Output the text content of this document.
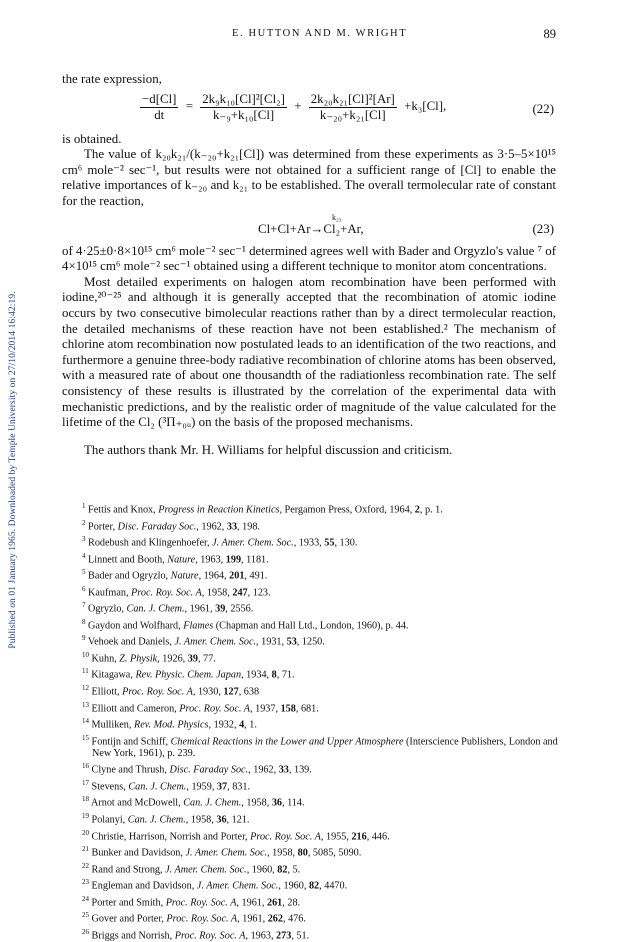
Published on 01 January 1965. Downloaded by Temple University on 27/10/2014 16:42:19.
E. HUTTON AND M. WRIGHT	89

the rate expression,

$\frac{-d[Cl]}{dt} = \frac{\text{2k₉k₁₀[Cl]²[Cl₂]}}{\text{k₋₉+k₁₀[Cl]}} + \frac{\text{2k₂₀k₂₁[Cl]²[Ar]}}{\text{k₋₂₀+k₂₁[Cl]}} +k_3[Cl]$,	(22)

is obtained.

The value of k₂₀k₂₁/(k₋₂₀+k₂₁[Cl]) was determined from these experiments as 3·5–5×10¹⁵ cm⁶ mole⁻² sec⁻¹, but results were not obtained for a sufficient range of [Cl] to enable the relative importances of k₋₂₀ and k₂₁ to be established. The overall termolecular rate of constant for the reaction,

k₂₃
Cl+Cl+Ar→Cl₂+Ar,	(23)

of 4·25±0·8×10¹⁵ cm⁶ mole⁻² sec⁻¹ determined agrees well with Bader and Orgyzlo's value ⁷ of 4×10¹⁵ cm⁶ mole⁻² sec⁻¹ obtained using a different technique to monitor atom concentrations.

Most detailed experiments on halogen atom recombination have been performed with iodine,²⁰⁻²⁵ and although it is generally accepted that the recombination of atomic iodine occurs by two consecutive bimolecular reactions rather than by a direct termolecular reaction, the detailed mechanisms of these reaction have not been established.² The mechanism of chlorine atom recombination now postulated leads to an identification of the two reactions, and furthermore a genuine three-body radiative recombination of chlorine atoms has been observed, with a measured rate of about one thousandth of the radiationless recombination rate. The self consistency of these results is illustrated by the correlation of the experimental data with mechanistic predictions, and by the realistic order of magnitude of the value calculated for the lifetime of the Cl₂ (³Π₊₀ᵤ) on the basis of the proposed mechanisms.

The authors thank Mr. H. Williams for helpful discussion and criticism.

$^1$ Fettis and Knox, Progress in Reaction Kinetics, Pergamon Press, Oxford, 1964, 2, p. 1.

$^2$ Porter, Disc. Faraday Soc., 1962, 33, 198.

$^3$ Rodebush and Klingenhoefer, J. Amer. Chem. Soc., 1933, 55, 130.

$^4$ Linnett and Booth, Nature, 1963, 199, 1181.

$^5$ Bader and Ogryzlo, Nature, 1964, 201, 491.

$^6$ Kaufman, Proc. Roy. Soc. A, 1958, 247, 123.

$^7$ Ogryzlo, Can. J. Chem., 1961, 39, 2556.

$^8$ Gaydon and Wolfhard, Flames (Chapman and Hall Ltd., London, 1960), p. 44.

$^9$ Vehoek and Daniels, J. Amer. Chem. Soc., 1931, 53, 1250.

$^{10}$ Kuhn, Z. Physik, 1926, 39, 77.

$^{11}$ Kitagawa, Rev. Physic. Chem. Japan, 1934, 8, 71.

$^{12}$ Elliott, Proc. Roy. Soc. A, 1930, 127, 638

$^{13}$ Elliott and Cameron, Proc. Roy. Soc. A, 1937, 158, 681.

$^{14}$ Mulliken, Rev. Mod. Physics, 1932, 4, 1.

$^{15}$ Fontijn and Schiff, Chemical Reactions in the Lower and Upper Atmosphere (Interscience Publishers, London and New York, 1961), p. 239.

$^{16}$ Clyne and Thrush, Disc. Faraday Soc., 1962, 33, 139.

$^{17}$ Stevens, Can. J. Chem., 1959, 37, 831.

$^{18}$ Arnot and McDowell, Can. J. Chem., 1958, 36, 114.

$^{19}$ Polanyi, Can. J. Chem., 1958, 36, 121.

$^{20}$ Christie, Harrison, Norrish and Porter, Proc. Roy. Soc. A, 1955, 216, 446.

$^{21}$ Bunker and Davidson, J. Amer. Chem. Soc., 1958, 80, 5085, 5090.

$^{22}$ Rand and Strong, J. Amer. Chem. Soc., 1960, 82, 5.

$^{23}$ Engleman and Davidson, J. Amer. Chem. Soc., 1960, 82, 4470.

$^{24}$ Porter and Smith, Proc. Roy. Soc. A, 1961, 261, 28.

$^{25}$ Gover and Porter, Proc. Roy. Soc. A, 1961, 262, 476.

$^{26}$ Briggs and Norrish, Proc. Roy. Soc. A, 1963, 273, 51.
